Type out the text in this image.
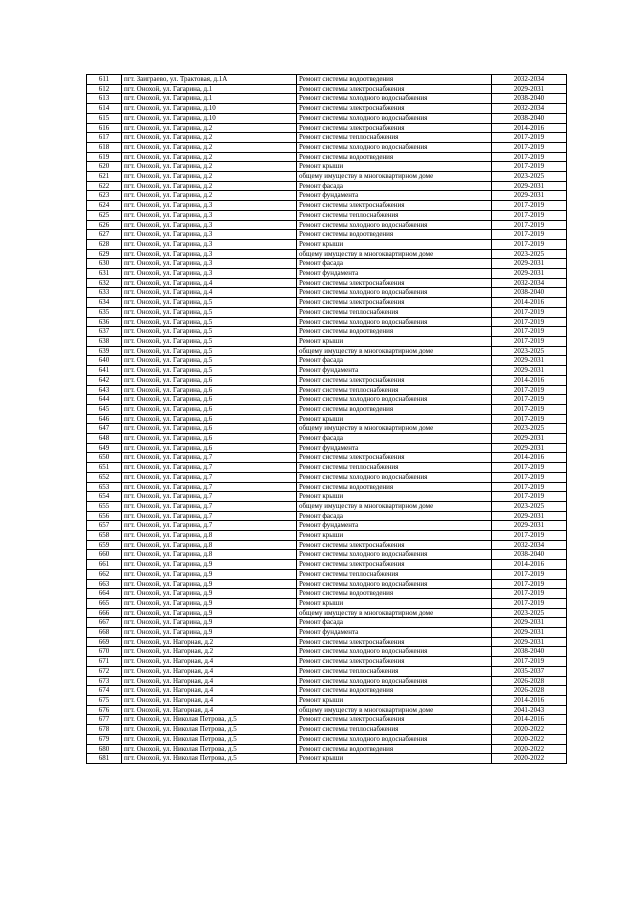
611	пгт. Заиграево, ул. Трактовая, д.1А	Ремонт системы водоотведения	2032-2034
612	пгт. Онохой, ул. Гагарина, д.1	Ремонт системы электроснабжения	2029-2031
613	пгт. Онохой, ул. Гагарина, д.1	Ремонт системы холодного водоснабжения	2038-2040
614	пгт. Онохой, ул. Гагарина, д.10	Ремонт системы электроснабжения	2032-2034
615	пгт. Онохой, ул. Гагарина, д.10	Ремонт системы холодного водоснабжения	2038-2040
616	пгт. Онохой, ул. Гагарина, д.2	Ремонт системы электроснабжения	2014-2016
617	пгт. Онохой, ул. Гагарина, д.2	Ремонт системы теплоснабжения	2017-2019
618	пгт. Онохой, ул. Гагарина, д.2	Ремонт системы холодного водоснабжения	2017-2019
619	пгт. Онохой, ул. Гагарина, д.2	Ремонт системы водоотведения	2017-2019
620	пгт. Онохой, ул. Гагарина, д.2	Ремонт крыши	2017-2019
621	пгт. Онохой, ул. Гагарина, д.2	общему имуществу в многоквартирном доме	2023-2025
622	пгт. Онохой, ул. Гагарина, д.2	Ремонт фасада	2029-2031
623	пгт. Онохой, ул. Гагарина, д.2	Ремонт фундамента	2029-2031
624	пгт. Онохой, ул. Гагарина, д.3	Ремонт системы электроснабжения	2017-2019
625	пгт. Онохой, ул. Гагарина, д.3	Ремонт системы теплоснабжения	2017-2019
626	пгт. Онохой, ул. Гагарина, д.3	Ремонт системы холодного водоснабжения	2017-2019
627	пгт. Онохой, ул. Гагарина, д.3	Ремонт системы водоотведения	2017-2019
628	пгт. Онохой, ул. Гагарина, д.3	Ремонт крыши	2017-2019
629	пгт. Онохой, ул. Гагарина, д.3	общему имуществу в многоквартирном доме	2023-2025
630	пгт. Онохой, ул. Гагарина, д.3	Ремонт фасада	2029-2031
631	пгт. Онохой, ул. Гагарина, д.3	Ремонт фундамента	2029-2031
632	пгт. Онохой, ул. Гагарина, д.4	Ремонт системы электроснабжения	2032-2034
633	пгт. Онохой, ул. Гагарина, д.4	Ремонт системы холодного водоснабжения	2038-2040
634	пгт. Онохой, ул. Гагарина, д.5	Ремонт системы электроснабжения	2014-2016
635	пгт. Онохой, ул. Гагарина, д.5	Ремонт системы теплоснабжения	2017-2019
636	пгт. Онохой, ул. Гагарина, д.5	Ремонт системы холодного водоснабжения	2017-2019
637	пгт. Онохой, ул. Гагарина, д.5	Ремонт системы водоотведения	2017-2019
638	пгт. Онохой, ул. Гагарина, д.5	Ремонт крыши	2017-2019
639	пгт. Онохой, ул. Гагарина, д.5	общему имуществу в многоквартирном доме	2023-2025
640	пгт. Онохой, ул. Гагарина, д.5	Ремонт фасада	2029-2031
641	пгт. Онохой, ул. Гагарина, д.5	Ремонт фундамента	2029-2031
642	пгт. Онохой, ул. Гагарина, д.6	Ремонт системы электроснабжения	2014-2016
643	пгт. Онохой, ул. Гагарина, д.6	Ремонт системы теплоснабжения	2017-2019
644	пгт. Онохой, ул. Гагарина, д.6	Ремонт системы холодного водоснабжения	2017-2019
645	пгт. Онохой, ул. Гагарина, д.6	Ремонт системы водоотведения	2017-2019
646	пгт. Онохой, ул. Гагарина, д.6	Ремонт крыши	2017-2019
647	пгт. Онохой, ул. Гагарина, д.6	общему имуществу в многоквартирном доме	2023-2025
648	пгт. Онохой, ул. Гагарина, д.6	Ремонт фасада	2029-2031
649	пгт. Онохой, ул. Гагарина, д.6	Ремонт фундамента	2029-2031
650	пгт. Онохой, ул. Гагарина, д.7	Ремонт системы электроснабжения	2014-2016
651	пгт. Онохой, ул. Гагарина, д.7	Ремонт системы теплоснабжения	2017-2019
652	пгт. Онохой, ул. Гагарина, д.7	Ремонт системы холодного водоснабжения	2017-2019
653	пгт. Онохой, ул. Гагарина, д.7	Ремонт системы водоотведения	2017-2019
654	пгт. Онохой, ул. Гагарина, д.7	Ремонт крыши	2017-2019
655	пгт. Онохой, ул. Гагарина, д.7	общему имуществу в многоквартирном доме	2023-2025
656	пгт. Онохой, ул. Гагарина, д.7	Ремонт фасада	2029-2031
657	пгт. Онохой, ул. Гагарина, д.7	Ремонт фундамента	2029-2031
658	пгт. Онохой, ул. Гагарина, д.8	Ремонт крыши	2017-2019
659	пгт. Онохой, ул. Гагарина, д.8	Ремонт системы электроснабжения	2032-2034
660	пгт. Онохой, ул. Гагарина, д.8	Ремонт системы холодного водоснабжения	2038-2040
661	пгт. Онохой, ул. Гагарина, д.9	Ремонт системы электроснабжения	2014-2016
662	пгт. Онохой, ул. Гагарина, д.9	Ремонт системы теплоснабжения	2017-2019
663	пгт. Онохой, ул. Гагарина, д.9	Ремонт системы холодного водоснабжения	2017-2019
664	пгт. Онохой, ул. Гагарина, д.9	Ремонт системы водоотведения	2017-2019
665	пгт. Онохой, ул. Гагарина, д.9	Ремонт крыши	2017-2019
666	пгт. Онохой, ул. Гагарина, д.9	общему имуществу в многоквартирном доме	2023-2025
667	пгт. Онохой, ул. Гагарина, д.9	Ремонт фасада	2029-2031
668	пгт. Онохой, ул. Гагарина, д.9	Ремонт фундамента	2029-2031
669	пгт. Онохой, ул. Нагорная, д.2	Ремонт системы электроснабжения	2029-2031
670	пгт. Онохой, ул. Нагорная, д.2	Ремонт системы холодного водоснабжения	2038-2040
671	пгт. Онохой, ул. Нагорная, д.4	Ремонт системы электроснабжения	2017-2019
672	пгт. Онохой, ул. Нагорная, д.4	Ремонт системы теплоснабжения	2035-2037
673	пгт. Онохой, ул. Нагорная, д.4	Ремонт системы холодного водоснабжения	2026-2028
674	пгт. Онохой, ул. Нагорная, д.4	Ремонт системы водоотведения	2026-2028
675	пгт. Онохой, ул. Нагорная, д.4	Ремонт крыши	2014-2016
676	пгт. Онохой, ул. Нагорная, д.4	общему имуществу в многоквартирном доме	2041-2043
677	пгт. Онохой, ул. Николая Петрова, д.5	Ремонт системы электроснабжения	2014-2016
678	пгт. Онохой, ул. Николая Петрова, д.5	Ремонт системы теплоснабжения	2020-2022
679	пгт. Онохой, ул. Николая Петрова, д.5	Ремонт системы холодного водоснабжения	2020-2022
680	пгт. Онохой, ул. Николая Петрова, д.5	Ремонт системы водоотведения	2020-2022
681	пгт. Онохой, ул. Николая Петрова, д.5	Ремонт крыши	2020-2022
